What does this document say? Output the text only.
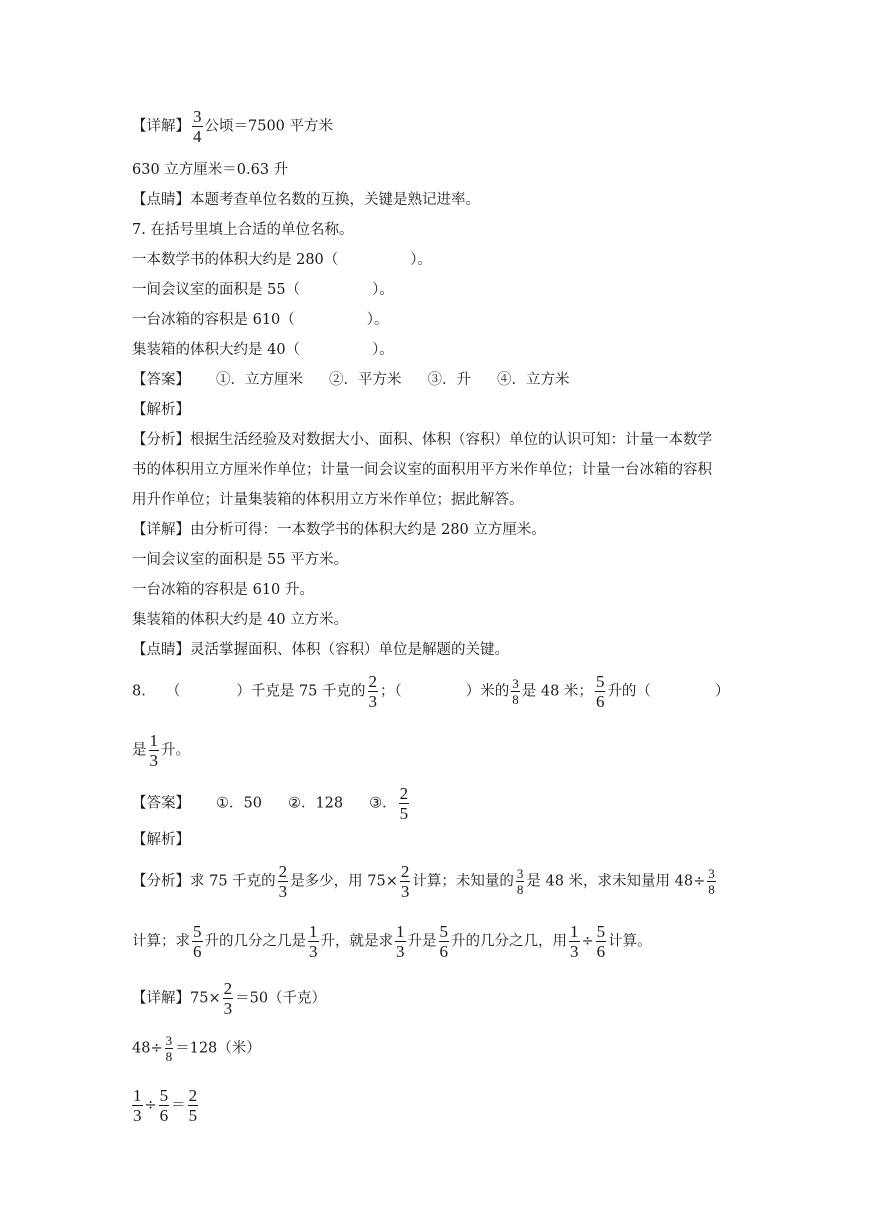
【详解】 $\frac{3}{4}$ 公顷＝7500 平方米
630 立方厘米＝0.63 升
【点睛】本题考查单位名数的互换，关键是熟记进率。
7. 在括号里填上合适的单位名称。
一本数学书的体积大约是 280（	）。
一间会议室的面积是 55（	）。
一台冰箱的容积是 610（	）。
集装箱的体积大约是 40（	）。
【答案】 ①．立方厘米 ②．平方米 ③．升 ④．立方米
【解析】
【分析】根据生活经验及对数据大小、面积、体积（容积）单位的认识可知：计量一本数学
书的体积用立方厘米作单位；计量一间会议室的面积用平方米作单位；计量一台冰箱的容积
用升作单位；计量集装箱的体积用立方米作单位；据此解答。
【详解】由分析可得：一本数学书的体积大约是 280 立方厘米。
一间会议室的面积是 55 平方米。
一台冰箱的容积是 610 升。
集装箱的体积大约是 40 立方米。
【点睛】灵活掌握面积、体积（容积）单位是解题的关键。
8. （	）千克是 75 千克的 $\frac{2}{3}$ ；（	）米的 $\frac{3}{8}$ 是 48 米； $\frac{5}{6}$ 升的（	）
是 $\frac{1}{3}$ 升。
【答案】 ①．50 ②．128 ③． $\frac{2}{5}$
【解析】
【分析】求 75 千克的 $\frac{2}{3}$ 是多少，用 $75\times \frac{2}{3}$ 计算；未知量的 $\frac{3}{8}$ 是 48 米，求未知量用 $48\div \frac{3}{8}$
计算；求 $\frac{5}{6}$ 升的几分之几是 $\frac{1}{3}$ 升，就是求 $\frac{1}{3}$ 升是 $\frac{5}{6}$ 升的几分之几，用 $\frac{1}{3} \div \frac{5}{6}$ 计算。
【详解】$75\times \frac{2}{3} =50$（千克）
$48\div \frac{3}{8} =128$（米）
$\frac{1}{3} \div \frac{5}{6} = \frac{2}{5}$
